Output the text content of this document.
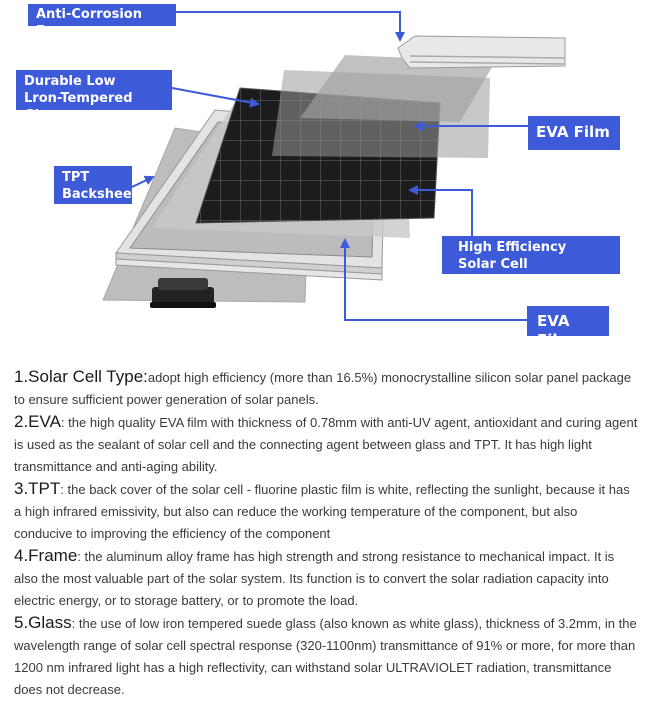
Anti-Corrosion Frame
Durable Low
Lron-Tempered Glass
EVA Film
TPT
Backsheet
High Efficiency
Solar Cell
EVA Film

1.Solar Cell Type:adopt high efficiency (more than 16.5%) monocrystalline silicon solar panel package to ensure sufficient power generation of solar panels.

2.EVA: the high quality EVA film with thickness of 0.78mm with anti-UV agent, antioxidant and curing agent is used as the sealant of solar cell and the connecting agent between glass and TPT. It has high light transmittance and anti-aging ability.

3.TPT: the back cover of the solar cell - fluorine plastic film is white, reflecting the sunlight, because it has a high infrared emissivity, but also can reduce the working temperature of the component, but also conducive to improving the efficiency of the component

4.Frame: the aluminum alloy frame has high strength and strong resistance to mechanical impact. It is also the most valuable part of the solar system. Its function is to convert the solar radiation capacity into electric energy, or to storage battery, or to promote the load.

5.Glass: the use of low iron tempered suede glass (also known as white glass), thickness of 3.2mm, in the wavelength range of solar cell spectral response (320-1100nm) transmittance of 91% or more, for more than 1200 nm infrared light has a high reflectivity, can withstand solar ULTRAVIOLET radiation, transmittance does not decrease.
